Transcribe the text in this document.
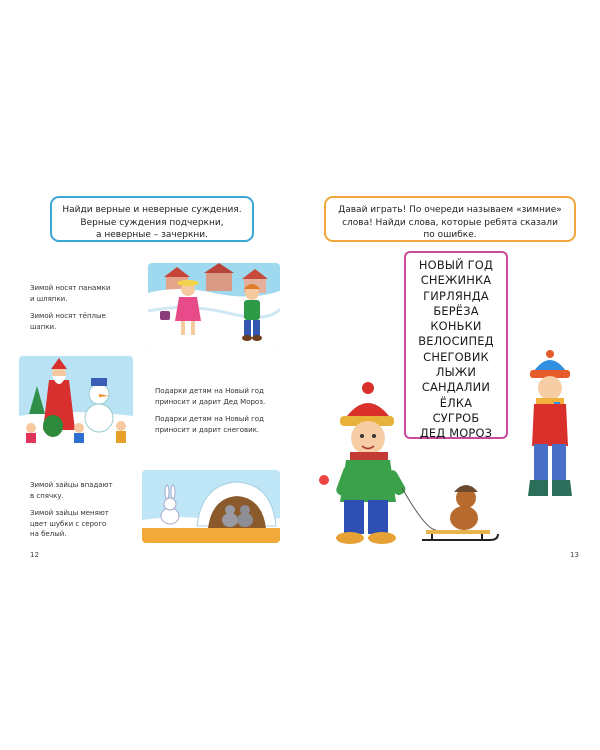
Найди верные и неверные суждения.
Верные суждения подчеркни,
а неверные – зачеркни.
Зимой носят панамки
и шляпки.
Зимой носят тёплые
шапки.
Подарки детям на Новый год
приносит и дарит Дед Мороз.
Подарки детям на Новый год
приносит и дарит снеговик.
Зимой зайцы впадают
в спячку.
Зимой зайцы меняют
цвет шубки с серого
на белый.
12
Давай играть! По очереди называем «зимние»
слова! Найди слова, которые ребята сказали
по ошибке.
НОВЫЙ ГОД
СНЕЖИНКА
ГИРЛЯНДА
БЕРЁЗА
КОНЬКИ
ВЕЛОСИПЕД
СНЕГОВИК
ЛЫЖИ
САНДАЛИИ
ЁЛКА
СУГРОБ
ДЕД МОРОЗ
13
